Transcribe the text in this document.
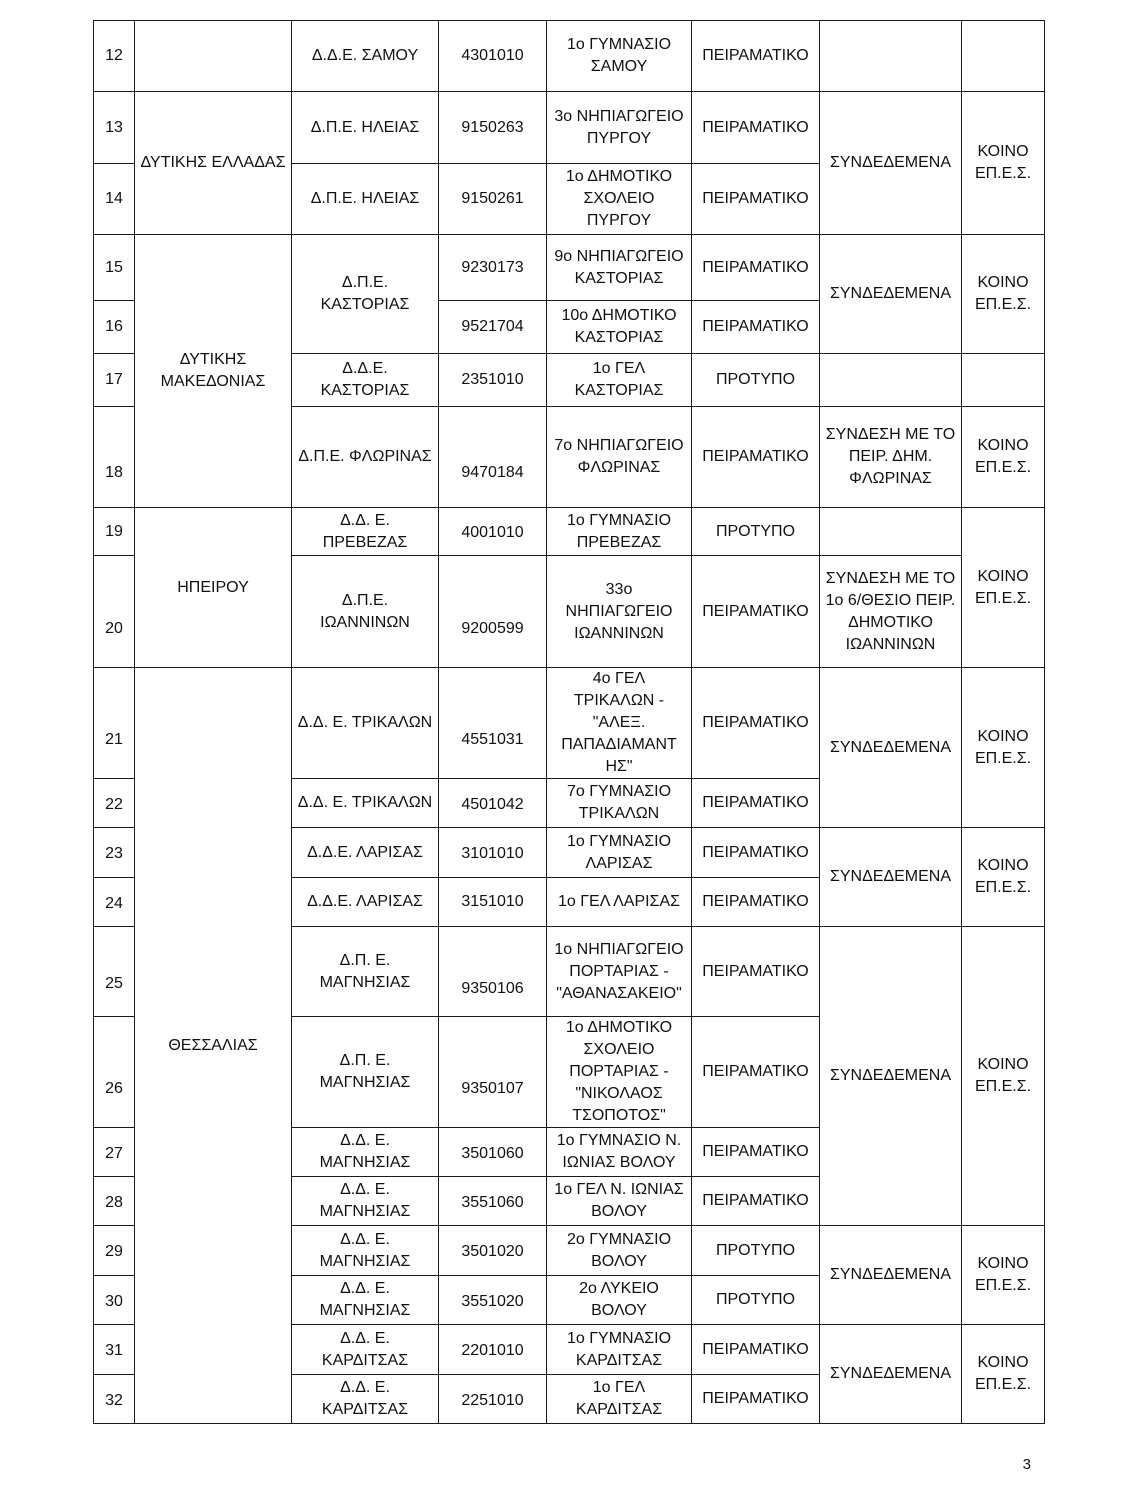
12		Δ.Δ.Ε. ΣΑΜΟΥ	4301010	1ο ΓΥΜΝΑΣΙΟ ΣΑΜΟΥ	ΠΕΙΡΑΜΑΤΙΚΟ		
13	ΔΥΤΙΚΗΣ ΕΛΛΑΔΑΣ	Δ.Π.Ε. ΗΛΕΙΑΣ	9150263	3ο ΝΗΠΙΑΓΩΓΕΙΟ ΠΥΡΓΟΥ	ΠΕΙΡΑΜΑΤΙΚΟ	ΣΥΝΔΕΔΕΜΕΝΑ	ΚΟΙΝΟ ΕΠ.Ε.Σ.
14		Δ.Π.Ε. ΗΛΕΙΑΣ	9150261	1ο ΔΗΜΟΤΙΚΟ ΣΧΟΛΕΙΟ ΠΥΡΓΟΥ	ΠΕΙΡΑΜΑΤΙΚΟ		
15	ΔΥΤΙΚΗΣ ΜΑΚΕΔΟΝΙΑΣ	Δ.Π.Ε. ΚΑΣΤΟΡΙΑΣ	9230173	9ο ΝΗΠΙΑΓΩΓΕΙΟ ΚΑΣΤΟΡΙΑΣ	ΠΕΙΡΑΜΑΤΙΚΟ	ΣΥΝΔΕΔΕΜΕΝΑ	ΚΟΙΝΟ ΕΠ.Ε.Σ.
16			9521704	10ο ΔΗΜΟΤΙΚΟ ΚΑΣΤΟΡΙΑΣ	ΠΕΙΡΑΜΑΤΙΚΟ		
17		Δ.Δ.Ε. ΚΑΣΤΟΡΙΑΣ	2351010	1ο ΓΕΛ ΚΑΣΤΟΡΙΑΣ	ΠΡΟΤΥΠΟ		
18		Δ.Π.Ε. ΦΛΩΡΙΝΑΣ	9470184	7ο ΝΗΠΙΑΓΩΓΕΙΟ ΦΛΩΡΙΝΑΣ	ΠΕΙΡΑΜΑΤΙΚΟ	ΣΥΝΔΕΣΗ ΜΕ ΤΟ ΠΕΙΡ. ΔΗΜ. ΦΛΩΡΙΝΑΣ	ΚΟΙΝΟ ΕΠ.Ε.Σ.
19	ΗΠΕΙΡΟΥ	Δ.Δ. Ε. ΠΡΕΒΕΖΑΣ	4001010	1ο ΓΥΜΝΑΣΙΟ ΠΡΕΒΕΖΑΣ	ΠΡΟΤΥΠΟ		ΚΟΙΝΟ ΕΠ.Ε.Σ.
20		Δ.Π.Ε. ΙΩΑΝΝΙΝΩΝ	9200599	33ο ΝΗΠΙΑΓΩΓΕΙΟ ΙΩΑΝΝΙΝΩΝ	ΠΕΙΡΑΜΑΤΙΚΟ	ΣΥΝΔΕΣΗ ΜΕ ΤΟ 1ο 6/ΘΕΣΙΟ ΠΕΙΡ. ΔΗΜΟΤΙΚΟ ΙΩΑΝΝΙΝΩΝ	
21	ΘΕΣΣΑΛΙΑΣ	Δ.Δ. Ε. ΤΡΙΚΑΛΩΝ	4551031	4ο ΓΕΛ ΤΡΙΚΑΛΩΝ - "ΑΛΕΞ. ΠΑΠΑΔΙΑΜΑΝΤ ΗΣ"	ΠΕΙΡΑΜΑΤΙΚΟ	ΣΥΝΔΕΔΕΜΕΝΑ	ΚΟΙΝΟ ΕΠ.Ε.Σ.
22		Δ.Δ. Ε. ΤΡΙΚΑΛΩΝ	4501042	7ο ΓΥΜΝΑΣΙΟ ΤΡΙΚΑΛΩΝ	ΠΕΙΡΑΜΑΤΙΚΟ		
23		Δ.Δ.Ε. ΛΑΡΙΣΑΣ	3101010	1ο ΓΥΜΝΑΣΙΟ ΛΑΡΙΣΑΣ	ΠΕΙΡΑΜΑΤΙΚΟ	ΣΥΝΔΕΔΕΜΕΝΑ	ΚΟΙΝΟ ΕΠ.Ε.Σ.
24		Δ.Δ.Ε. ΛΑΡΙΣΑΣ	3151010	1ο ΓΕΛ ΛΑΡΙΣΑΣ	ΠΕΙΡΑΜΑΤΙΚΟ		
25		Δ.Π. Ε. ΜΑΓΝΗΣΙΑΣ	9350106	1ο ΝΗΠΙΑΓΩΓΕΙΟ ΠΟΡΤΑΡΙΑΣ - "ΑΘΑΝΑΣΑΚΕΙΟ"	ΠΕΙΡΑΜΑΤΙΚΟ	ΣΥΝΔΕΔΕΜΕΝΑ	ΚΟΙΝΟ ΕΠ.Ε.Σ.
26		Δ.Π. Ε. ΜΑΓΝΗΣΙΑΣ	9350107	1ο ΔΗΜΟΤΙΚΟ ΣΧΟΛΕΙΟ ΠΟΡΤΑΡΙΑΣ - "ΝΙΚΟΛΑΟΣ ΤΣΟΠΟΤΟΣ"	ΠΕΙΡΑΜΑΤΙΚΟ		
27		Δ.Δ. Ε. ΜΑΓΝΗΣΙΑΣ	3501060	1ο ΓΥΜΝΑΣΙΟ Ν. ΙΩΝΙΑΣ ΒΟΛΟΥ	ΠΕΙΡΑΜΑΤΙΚΟ		
28		Δ.Δ. Ε. ΜΑΓΝΗΣΙΑΣ	3551060	1ο ΓΕΛ Ν. ΙΩΝΙΑΣ ΒΟΛΟΥ	ΠΕΙΡΑΜΑΤΙΚΟ		
29		Δ.Δ. Ε. ΜΑΓΝΗΣΙΑΣ	3501020	2ο ΓΥΜΝΑΣΙΟ ΒΟΛΟΥ	ΠΡΟΤΥΠΟ	ΣΥΝΔΕΔΕΜΕΝΑ	ΚΟΙΝΟ ΕΠ.Ε.Σ.
30		Δ.Δ. Ε. ΜΑΓΝΗΣΙΑΣ	3551020	2ο ΛΥΚΕΙΟ ΒΟΛΟΥ	ΠΡΟΤΥΠΟ		
31		Δ.Δ. Ε. ΚΑΡΔΙΤΣΑΣ	2201010	1ο ΓΥΜΝΑΣΙΟ ΚΑΡΔΙΤΣΑΣ	ΠΕΙΡΑΜΑΤΙΚΟ	ΣΥΝΔΕΔΕΜΕΝΑ	ΚΟΙΝΟ ΕΠ.Ε.Σ.
32		Δ.Δ. Ε. ΚΑΡΔΙΤΣΑΣ	2251010	1ο ΓΕΛ ΚΑΡΔΙΤΣΑΣ	ΠΕΙΡΑΜΑΤΙΚΟ		
3
